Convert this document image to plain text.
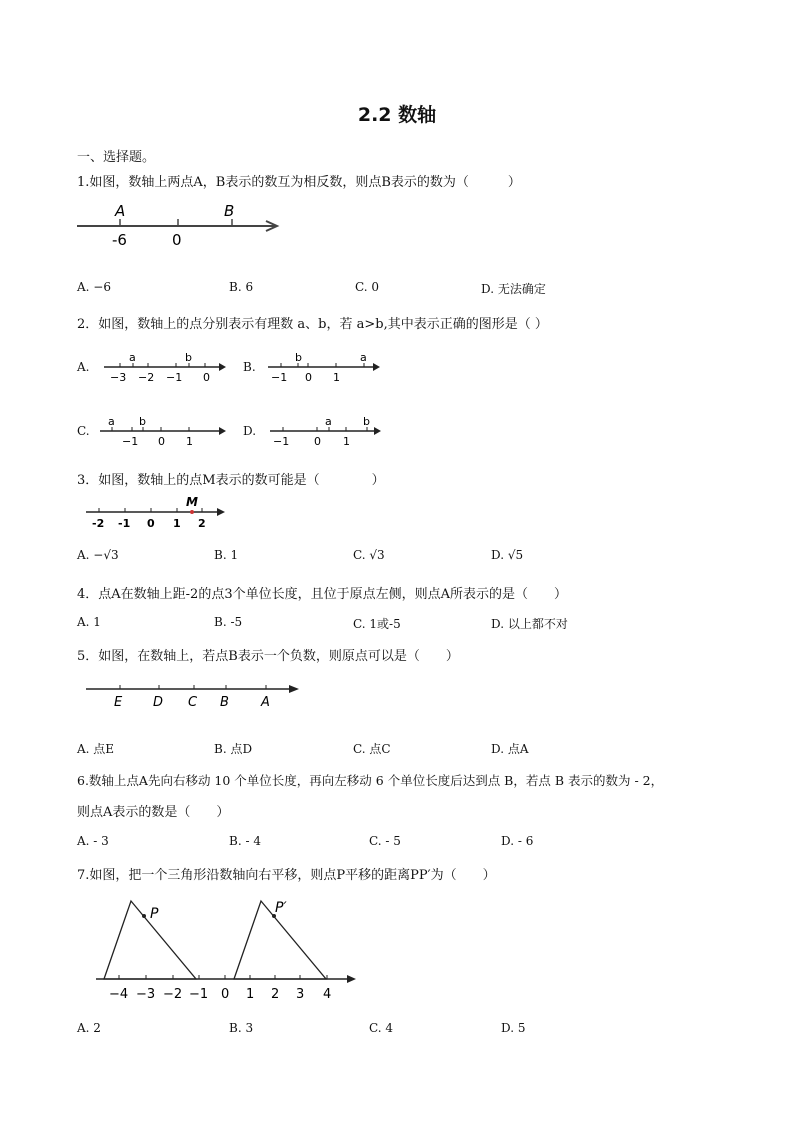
2.2 数轴
一、选择题。
1.如图，数轴上两点A，B表示的数互为相反数，则点B表示的数为（　　　）
A	B
-6	0
A. −6	B. 6	C. 0	D. 无法确定
2．如图，数轴上的点分别表示有理数 a、b，若 a>b,其中表示正确的图形是（ ）
A.	B.
C.	D.
a	b
−3 −2 −1 0
b	a
−1 0 1
a b
−1 0 1
a	b
−1 0 1
3．如图，数轴上的点M表示的数可能是（　　　　）
M
-2 -1 0 1 2
A. −√3	B. 1	C. √3	D. √5
4．点A在数轴上距-2的点3个单位长度，且位于原点左侧，则点A所表示的是（　　）
A. 1	B. -5	C. 1或-5	D. 以上都不对
5．如图，在数轴上，若点B表示一个负数，则原点可以是（　　）
E D C B A
A. 点E	B. 点D	C. 点C	D. 点A
6.数轴上点A先向右移动 10 个单位长度，再向左移动 6 个单位长度后达到点 B，若点 B 表示的数为 - 2，
则点A表示的数是（　　）
A. - 3	B. - 4	C. - 5	D. - 6
7.如图，把一个三角形沿数轴向右平移，则点P平移的距离PP′为（　　）
P	P′
−4 −3 −2 −1 0 1 2 3 4
A. 2	B. 3	C. 4	D. 5
